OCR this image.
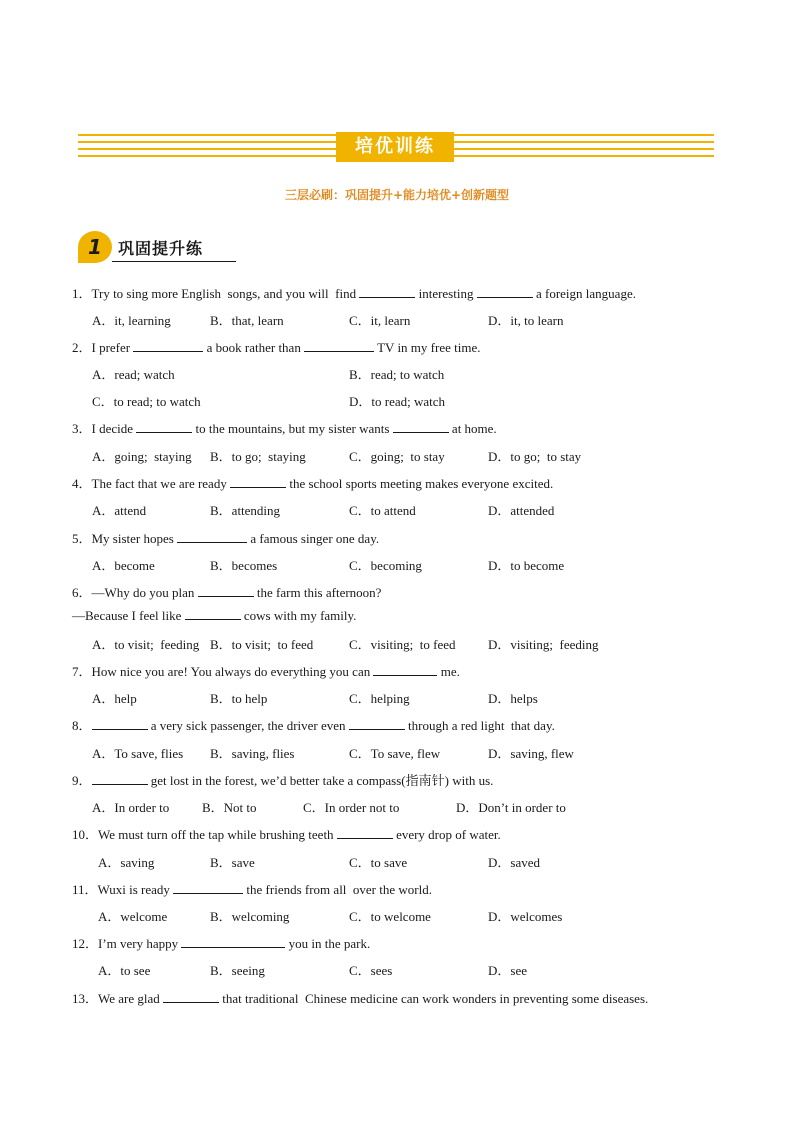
培优训练
三层必刷：巩固提升+能力培优+创新题型
1	巩固提升练
1．Try to sing more English  songs, and you will  find	interesting	a foreign language.
A．it, learning	B．that, learn	C．it, learn	D．it, to learn
2．I prefer	a book rather than	TV in my free time.
A．read; watch	B．read; to watch
C．to read; to watch	D．to read; watch
3．I decide	to the mountains, but my sister wants	at home.
A．going;  staying B．to go;  staying	C．going;  to stay	D．to go;  to stay
4．The fact that we are ready	the school sports meeting makes everyone excited.
A．attend	B．attending	C．to attend	D．attended
5．My sister hopes	a famous singer one day.
A．become	B．becomes	C．becoming	D．to become
6．—Why do you plan	the farm this afternoon?
—Because I feel like	cows with my family.
A．to visit;  feeding B．to visit;  to feed	C．visiting;  to feed D．visiting;  feeding
7．How nice you are! You always do everything you can	me.
A．help	B．to help	C．helping	D．helps
8．	a very sick passenger, the driver even	through a red light  that day.
A．To save, flies B．saving, flies	C．To save, flew	D．saving, flew
9．	get lost in the forest, we’d better take a compass(指南针) with us.
A．In order to	B．Not to	C．In order not to	D．Don’t in order to
10．We must turn off the tap while brushing teeth	every drop of water.
A．saving	B．save	C．to save	D．saved
11．Wuxi is ready	the friends from all  over the world.
A．welcome	B．welcoming	C．to welcome	D．welcomes
12．I’m very happy	you in the park.
A．to see	B．seeing	C．sees	D．see
13．We are glad	that traditional  Chinese medicine can work wonders in preventing some diseases.
